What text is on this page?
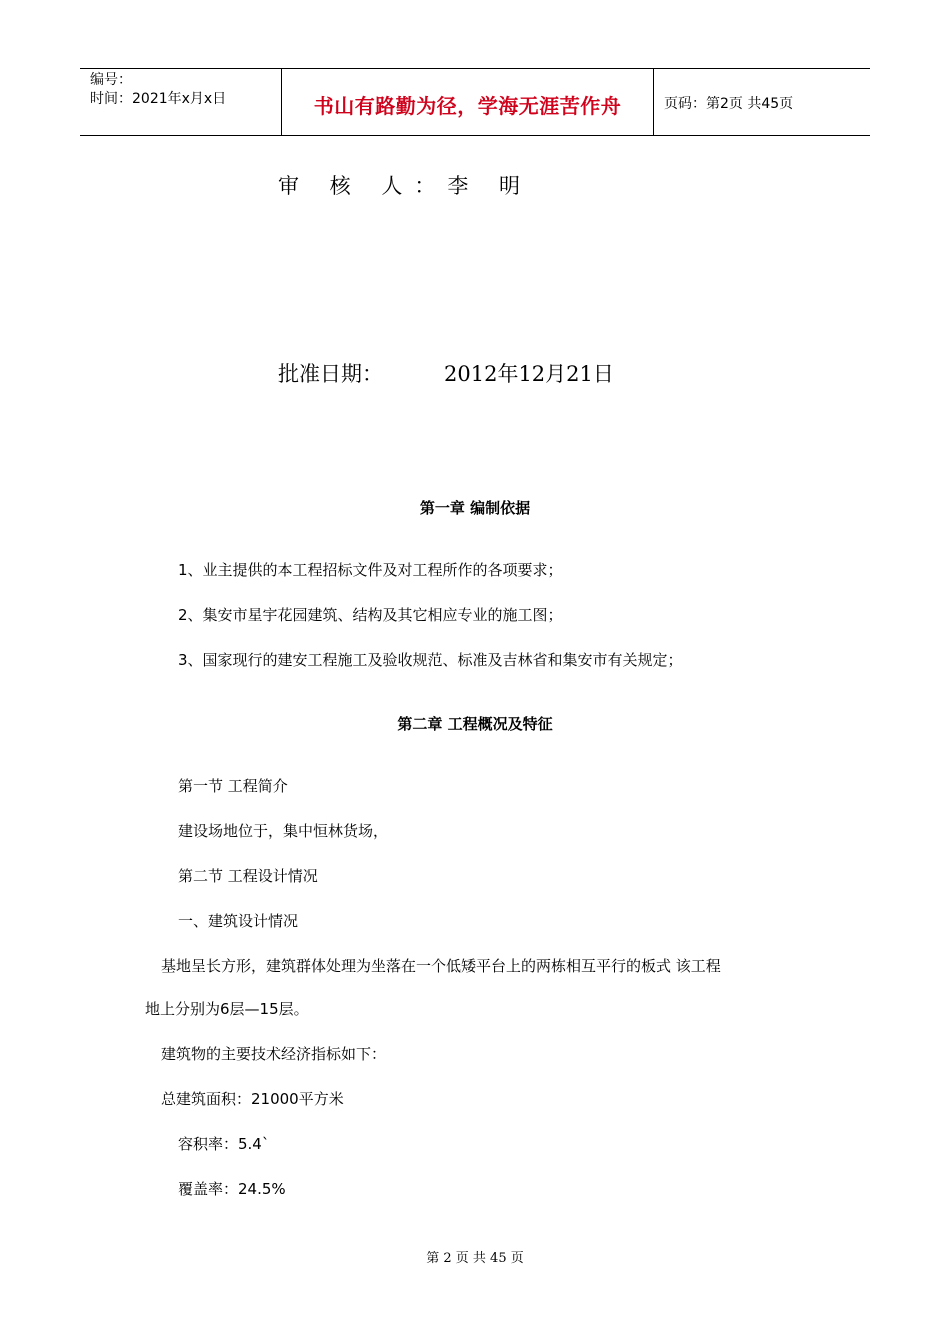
编号：
时间：2021年x月x日	书山有路勤为径，学海无涯苦作舟	页码：第2页 共45页
审 核 人：李 明
批准日期：	2012年12月21日
第一章 编制依据
1、业主提供的本工程招标文件及对工程所作的各项要求；
2、集安市星宇花园建筑、结构及其它相应专业的施工图；
3、国家现行的建安工程施工及验收规范、标准及吉林省和集安市有关规定；
第二章 工程概况及特征
第一节 工程简介
建设场地位于，集中恒林货场，
第二节 工程设计情况
一、建筑设计情况
基地呈长方形，建筑群体处理为坐落在一个低矮平台上的两栋相互平行的板式 该工程
地上分别为6层—15层。
建筑物的主要技术经济指标如下：
总建筑面积：21000平方米
容积率：5.4`
覆盖率：24.5%
第 2 页 共 45 页
